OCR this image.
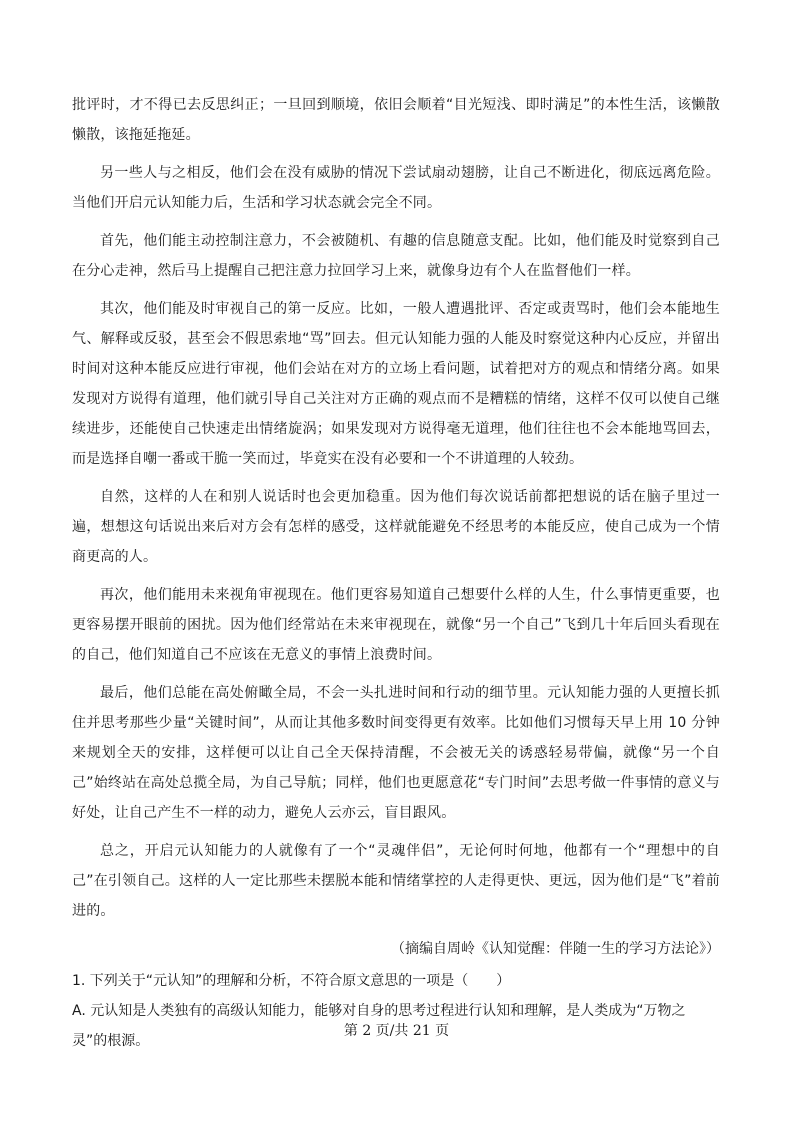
批评时，才不得已去反思纠正；一旦回到顺境，依旧会顺着“目光短浅、即时满足”的本性生活，该懒散懒散，该拖延拖延。

另一些人与之相反，他们会在没有威胁的情况下尝试扇动翅膀，让自己不断进化，彻底远离危险。当他们开启元认知能力后，生活和学习状态就会完全不同。

首先，他们能主动控制注意力，不会被随机、有趣的信息随意支配。比如，他们能及时觉察到自己在分心走神，然后马上提醒自己把注意力拉回学习上来，就像身边有个人在监督他们一样。

其次，他们能及时审视自己的第一反应。比如，一般人遭遇批评、否定或责骂时，他们会本能地生气、解释或反驳，甚至会不假思索地“骂”回去。但元认知能力强的人能及时察觉这种内心反应，并留出时间对这种本能反应进行审视，他们会站在对方的立场上看问题，试着把对方的观点和情绪分离。如果发现对方说得有道理，他们就引导自己关注对方正确的观点而不是糟糕的情绪，这样不仅可以使自己继续进步，还能使自己快速走出情绪旋涡；如果发现对方说得毫无道理，他们往往也不会本能地骂回去，而是选择自嘲一番或干脆一笑而过，毕竟实在没有必要和一个不讲道理的人较劲。

自然，这样的人在和别人说话时也会更加稳重。因为他们每次说话前都把想说的话在脑子里过一遍，想想这句话说出来后对方会有怎样的感受，这样就能避免不经思考的本能反应，使自己成为一个情商更高的人。

再次，他们能用未来视角审视现在。他们更容易知道自己想要什么样的人生，什么事情更重要，也更容易摆开眼前的困扰。因为他们经常站在未来审视现在，就像“另一个自己”飞到几十年后回头看现在的自己，他们知道自己不应该在无意义的事情上浪费时间。

最后，他们总能在高处俯瞰全局，不会一头扎进时间和行动的细节里。元认知能力强的人更擅长抓住并思考那些少量“关键时间”，从而让其他多数时间变得更有效率。比如他们习惯每天早上用 10 分钟来规划全天的安排，这样便可以让自己全天保持清醒，不会被无关的诱惑轻易带偏，就像“另一个自己”始终站在高处总揽全局，为自己导航；同样，他们也更愿意花“专门时间”去思考做一件事情的意义与好处，让自己产生不一样的动力，避免人云亦云，盲目跟风。

总之，开启元认知能力的人就像有了一个“灵魂伴侣”，无论何时何地，他都有一个“理想中的自己”在引领自己。这样的人一定比那些未摆脱本能和情绪掌控的人走得更快、更远，因为他们是“飞”着前进的。

（摘编自周岭《认知觉醒：伴随一生的学习方法论》）

1. 下列关于“元认知”的理解和分析，不符合原文意思的一项是（　　）

A. 元认知是人类独有的高级认知能力，能够对自身的思考过程进行认知和理解，是人类成为“万物之灵”的根源。

第 2 页/共 21 页
